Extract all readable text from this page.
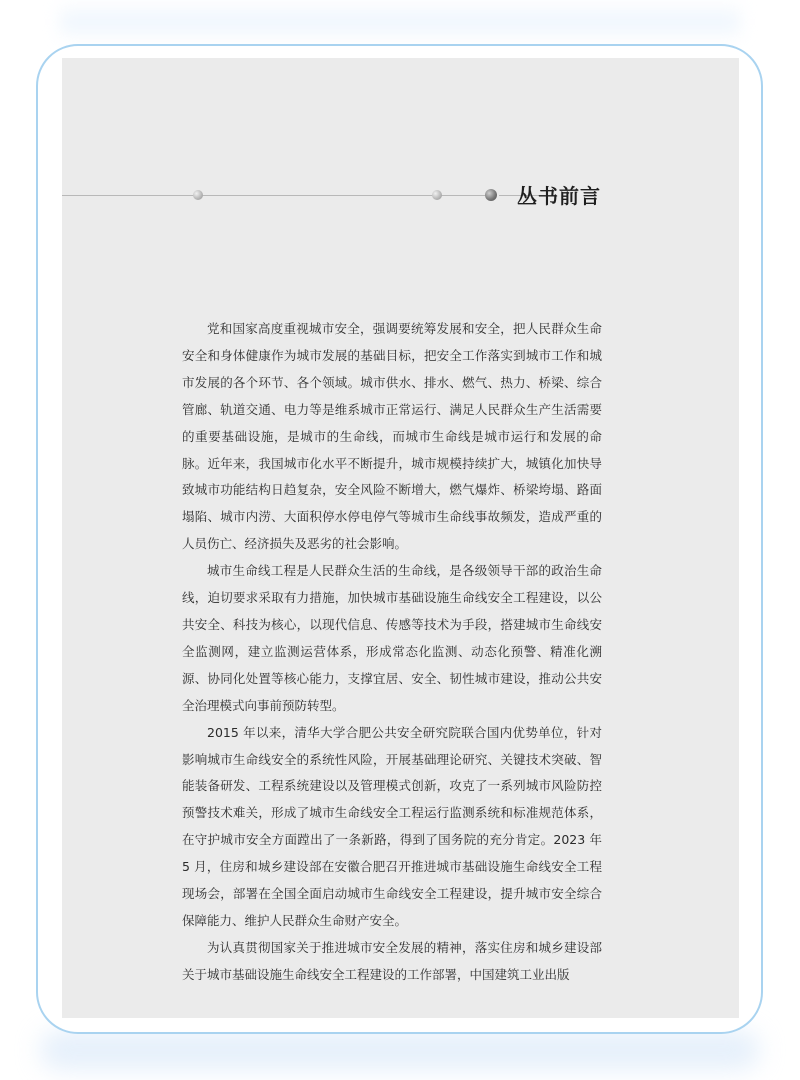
丛书前言

党和国家高度重视城市安全，强调要统筹发展和安全，把人民群众生命安全和身体健康作为城市发展的基础目标，把安全工作落实到城市工作和城市发展的各个环节、各个领域。城市供水、排水、燃气、热力、桥梁、综合管廊、轨道交通、电力等是维系城市正常运行、满足人民群众生产生活需要的重要基础设施，是城市的生命线，而城市生命线是城市运行和发展的命脉。近年来，我国城市化水平不断提升，城市规模持续扩大，城镇化加快导致城市功能结构日趋复杂，安全风险不断增大，燃气爆炸、桥梁垮塌、路面塌陷、城市内涝、大面积停水停电停气等城市生命线事故频发，造成严重的人员伤亡、经济损失及恶劣的社会影响。

城市生命线工程是人民群众生活的生命线，是各级领导干部的政治生命线，迫切要求采取有力措施，加快城市基础设施生命线安全工程建设，以公共安全、科技为核心，以现代信息、传感等技术为手段，搭建城市生命线安全监测网，建立监测运营体系，形成常态化监测、动态化预警、精准化溯源、协同化处置等核心能力，支撑宜居、安全、韧性城市建设，推动公共安全治理模式向事前预防转型。

2015 年以来，清华大学合肥公共安全研究院联合国内优势单位，针对影响城市生命线安全的系统性风险，开展基础理论研究、关键技术突破、智能装备研发、工程系统建设以及管理模式创新，攻克了一系列城市风险防控预警技术难关，形成了城市生命线安全工程运行监测系统和标准规范体系，在守护城市安全方面蹚出了一条新路，得到了国务院的充分肯定。2023 年 5 月，住房和城乡建设部在安徽合肥召开推进城市基础设施生命线安全工程现场会，部署在全国全面启动城市生命线安全工程建设，提升城市安全综合保障能力、维护人民群众生命财产安全。

为认真贯彻国家关于推进城市安全发展的精神，落实住房和城乡建设部关于城市基础设施生命线安全工程建设的工作部署，中国建筑工业出版
